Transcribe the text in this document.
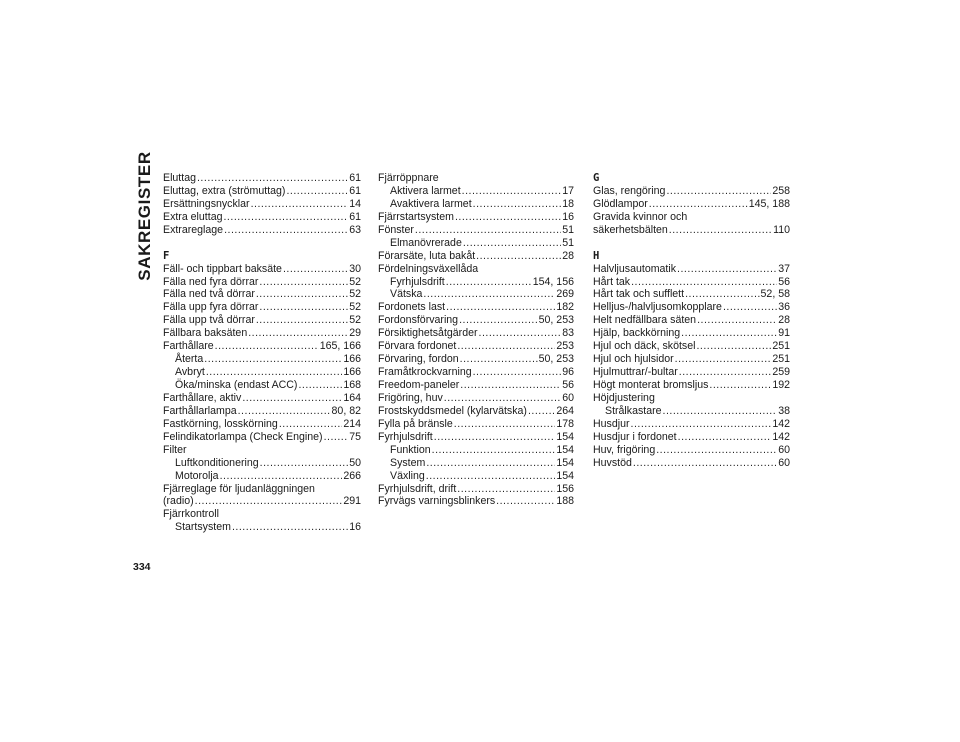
SAKREGISTER Eluttag .....	61
Eluttag, extra (strömuttag) .....	61
Ersättningsnycklar .....	14
Extra eluttag .....	61
Extrareglage .....	63
F
Fäll- och tippbart baksäte .....	30
Fälla ned fyra dörrar .....	52
Fälla ned två dörrar .....	52
Fälla upp fyra dörrar .....	52
Fälla upp två dörrar .....	52
Fällbara baksäten .....	29
Farthållare .....	165, 166
Återta .....	166
Avbryt .....	166
Öka/minska (endast ACC) .....	168
Farthållare, aktiv .....	164
Farthållarlampa .....	80, 82
Fastkörning, losskörning .....	214
Felindikatorlampa (Check Engine) .....	75
Filter
Luftkonditionering .....	50
Motorolja .....	266
Fjärreglage för ljudanläggningen
(radio) .....	291
Fjärrkontroll
Startsystem .....	16
Fjärröppnare
Aktivera larmet .....	17
Avaktivera larmet .....	18
Fjärrstartsystem .....	16
Fönster .....	51
Elmanövrerade .....	51
Förarsäte, luta bakåt .....	28
Fördelningsväxellåda
Fyrhjulsdrift .....	154, 156
Vätska .....	269
Fordonets last .....	182
Fordonsförvaring .....	50, 253
Försiktighetsåtgärder .....	83
Förvara fordonet .....	253
Förvaring, fordon .....	50, 253
Framåtkrockvarning .....	96
Freedom-paneler .....	56
Frigöring, huv .....	60
Frostskyddsmedel (kylarvätska) .....	264
Fylla på bränsle .....	178
Fyrhjulsdrift .....	154
Funktion .....	154
System .....	154
Växling .....	154
Fyrhjulsdrift, drift .....	156
Fyrvägs varningsblinkers .....	188
G
Glas, rengöring .....	258
Glödlampor .....	145, 188
Gravida kvinnor och
säkerhetsbälten .....	110
H
Halvljusautomatik .....	37
Hårt tak .....	56
Hårt tak och sufflett .....	52, 58
Helljus-/halvljusomkopplare .....	36
Helt nedfällbara säten .....	28
Hjälp, backkörning .....	91
Hjul och däck, skötsel .....	251
Hjul och hjulsidor .....	251
Hjulmuttrar/-bultar .....	259
Högt monterat bromsljus .....	192
Höjdjustering
Strålkastare .....	38
Husdjur .....	142
Husdjur i fordonet .....	142
Huv, frigöring .....	60
Huvstöd .....	60
334
